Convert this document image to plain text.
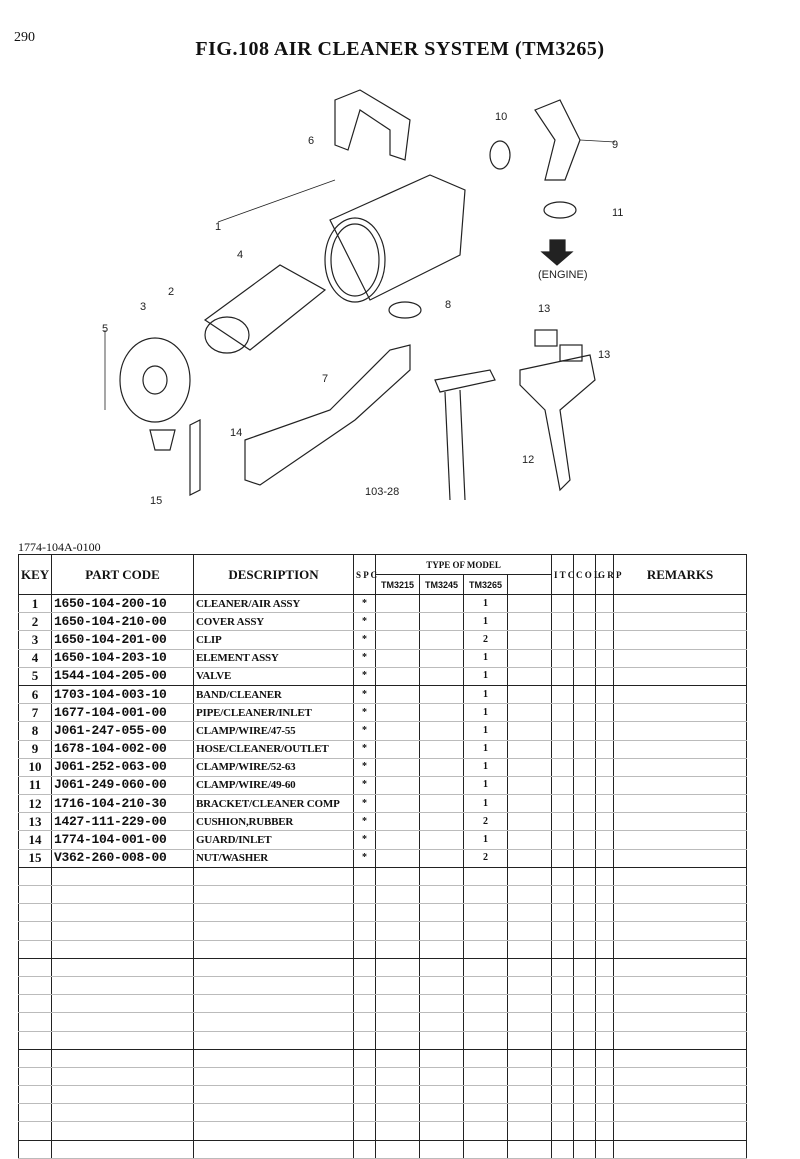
290
FIG.108 AIR CLEANER SYSTEM (TM3265)
1
2
3
4
5
6
7
8
9
10
11
12
13
13
14
15
103-28
(ENGINE)
1774-104A-0100
KEY	PART CODE	DESCRIPTION	S P C	TYPE OF MODEL				I T C	C O L	G R P	REMARKS
				TM3215	TM3245	TM3265					
1	1650-104-200-10	CLEANER/AIR ASSY	*			1					
2	1650-104-210-00	COVER ASSY	*			1					
3	1650-104-201-00	CLIP	*			2					
4	1650-104-203-10	ELEMENT ASSY	*			1					
5	1544-104-205-00	VALVE	*			1					
6	1703-104-003-10	BAND/CLEANER	*			1					
7	1677-104-001-00	PIPE/CLEANER/INLET	*			1					
8	J061-247-055-00	CLAMP/WIRE/47-55	*			1					
9	1678-104-002-00	HOSE/CLEANER/OUTLET	*			1					
10	J061-252-063-00	CLAMP/WIRE/52-63	*			1					
11	J061-249-060-00	CLAMP/WIRE/49-60	*			1					
12	1716-104-210-30	BRACKET/CLEANER COMP	*			1					
13	1427-111-229-00	CUSHION,RUBBER	*			2					
14	1774-104-001-00	GUARD/INLET	*			1					
15	V362-260-008-00	NUT/WASHER	*			2					
